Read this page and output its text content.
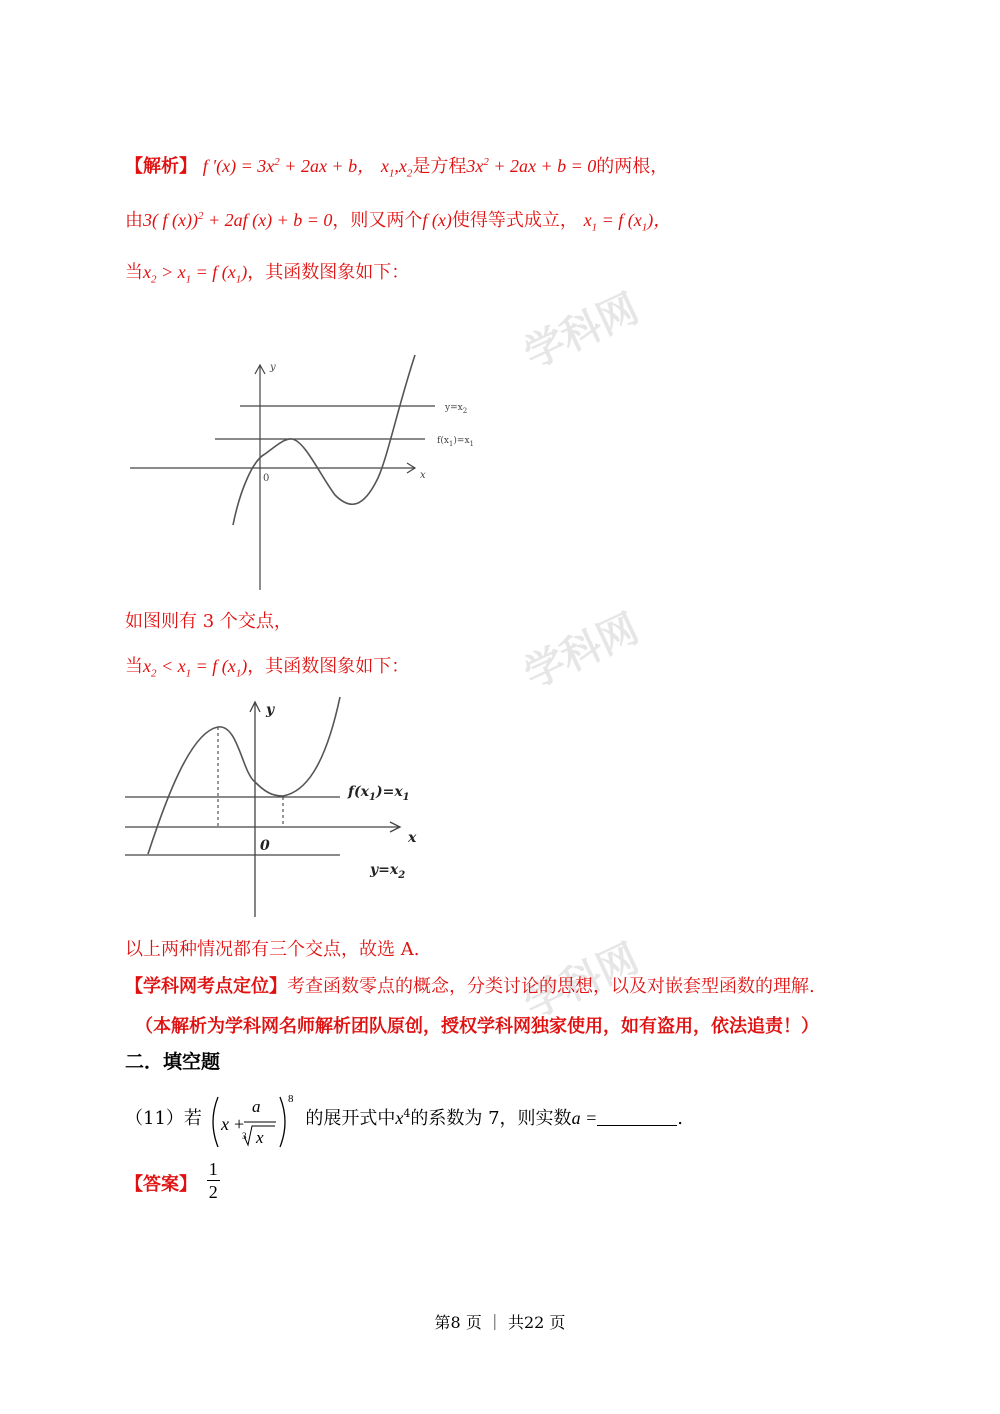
学科网
学科网
学科网
【解析】 f $'(x) = 3x^2 + 2ax + b$， $x_1,x_2$是方程$3x^2 + 2ax + b = 0$的两根，
由3( f (x))$^2$ + 2af (x) + b = 0，则又两个f (x)使得等式成立， $x_1 = f$ $(x_1)$，
当$x_2 > x_1 = f$ $(x_1)$，其函数图象如下：
y
x
0
$y=x_2$
$f(x_1)=x_1$
如图则有 3 个交点，
当$x_2 < x_1 = f$ $(x_1)$，其函数图象如下：
y
x
0
$f(x_1)=x_1$
$y=x_2$
以上两种情况都有三个交点，故选 A.
【学科网考点定位】考查函数零点的概念，分类讨论的思想，以及对嵌套型函数的理解.
（本解析为学科网名师解析团队原创，授权学科网独家使用，如有盗用，依法追责！）
二．填空题
（11）若 x +
a
3 x
8
的展开式中$x^4$的系数为 7，则实数a =	.
【答案】 $\frac{1}{2}$
第8 页 ｜ 共22 页
